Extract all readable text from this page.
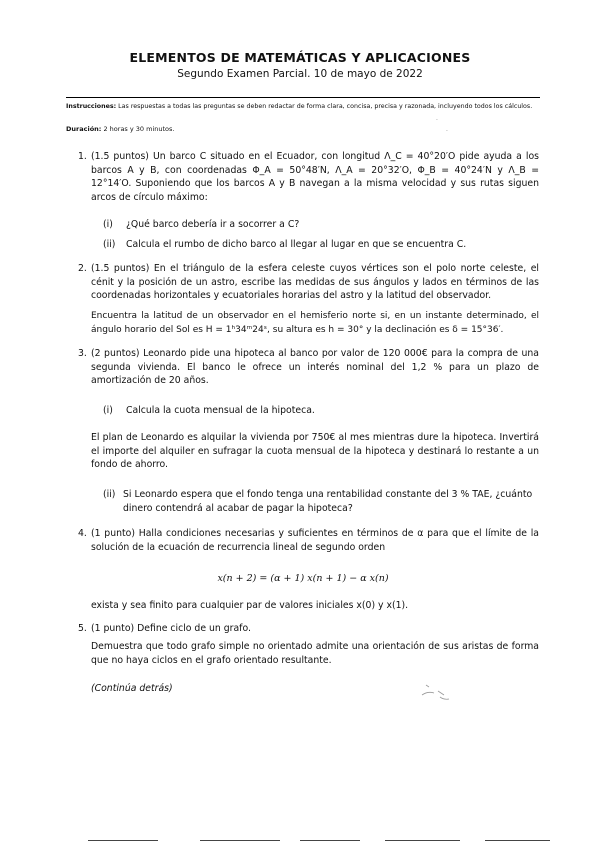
ELEMENTOS DE MATEMÁTICAS Y APLICACIONES
Segundo Examen Parcial. 10 de mayo de 2022
Instrucciones: Las respuestas a todas las preguntas se deben redactar de forma clara, concisa, precisa y razonada, incluyendo todos los cálculos.
Duración: 2 horas y 30 minutos.
1. (1.5 puntos) Un barco C situado en el Ecuador, con longitud Λ_C = 40°20′O pide ayuda a los barcos A y B, con coordenadas Φ_A = 50°48′N, Λ_A = 20°32′O, Φ_B = 40°24′N y Λ_B = 12°14′O. Suponiendo que los barcos A y B navegan a la misma velocidad y sus rutas siguen arcos de círculo máximo:
(i) ¿Qué barco debería ir a socorrer a C?
(ii) Calcula el rumbo de dicho barco al llegar al lugar en que se encuentra C.
2. (1.5 puntos) En el triángulo de la esfera celeste cuyos vértices son el polo norte celeste, el cénit y la posición de un astro, escribe las medidas de sus ángulos y lados en términos de las coordenadas horizontales y ecuatoriales horarias del astro y la latitud del observador.
Encuentra la latitud de un observador en el hemisferio norte si, en un instante determinado, el ángulo horario del Sol es H = 1ʰ34ᵐ24ˢ, su altura es h = 30° y la declinación es δ = 15°36′.
3. (2 puntos) Leonardo pide una hipoteca al banco por valor de 120 000€ para la compra de una segunda vivienda. El banco le ofrece un interés nominal del 1,2 % para un plazo de amortización de 20 años.
(i) Calcula la cuota mensual de la hipoteca.
El plan de Leonardo es alquilar la vivienda por 750€ al mes mientras dure la hipoteca. Invertirá el importe del alquiler en sufragar la cuota mensual de la hipoteca y destinará lo restante a un fondo de ahorro.
(ii) Si Leonardo espera que el fondo tenga una rentabilidad constante del 3 % TAE, ¿cuánto dinero contendrá al acabar de pagar la hipoteca?
4. (1 punto) Halla condiciones necesarias y suficientes en términos de α para que el límite de la solución de la ecuación de recurrencia lineal de segundo orden
x(n + 2) = (α + 1) x(n + 1) − α x(n)
exista y sea finito para cualquier par de valores iniciales x(0) y x(1).
5. (1 punto) Define ciclo de un grafo.
Demuestra que todo grafo simple no orientado admite una orientación de sus aristas de forma que no haya ciclos en el grafo orientado resultante.
(Continúa detrás)
·
·
